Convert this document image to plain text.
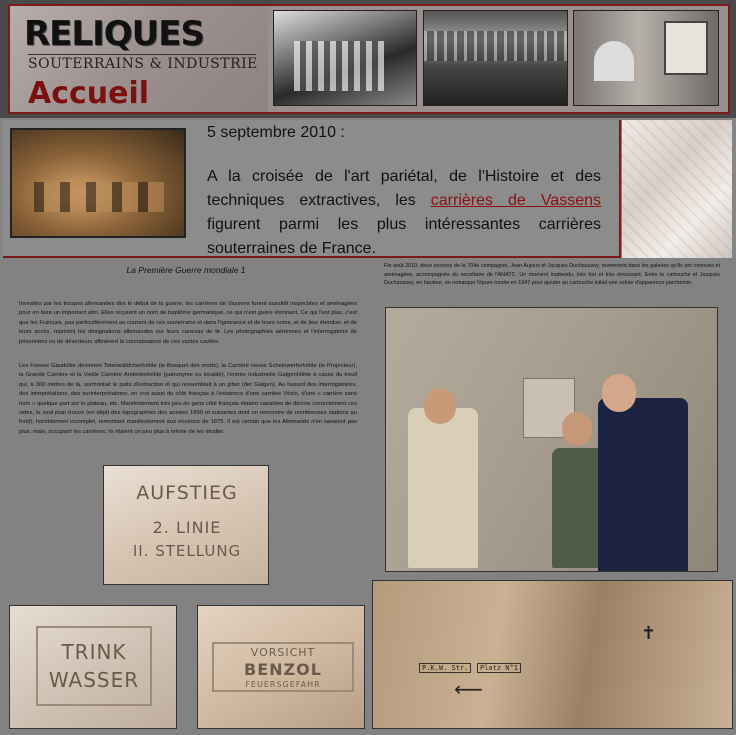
RELIQUES
SOUTERRAINS & INDUSTRIE
Accueil
5 septembre 2010 :
A la croisée de l'art pariétal, de l'Histoire et des techniques extractives, les carrières de Vassens figurent parmi les plus intéressantes carrières souterraines de France.
La Première Guerre mondiale 1
Investies par les troupes allemandes dès le début de la guerre, les carrières de Vassens furent aussitôt inspectées et aménagées pour en faire un important abri. Elles reçurent un nom de baptême germanique, ce qui n'est guère étonnant. Ce qui l'est plus, c'est que les Français, pas particulièrement au courant de ces souterrains et dans l'ignorance et de leurs noms, et de leur étendue, et de leurs accès, reprirent les désignations allemandes sur leurs canevas de tir. Les photographies aériennes et l'interrogatoire de prisonniers ou de déserteurs affinèrent la connaissance de ces vastes cavités.
Les Fosses Gaudriller devinrent Totenwäldchenhöhle (le Bosquet des morts), la Carrière neuve Scheinwerferhöhle (le Projecteur), la Grande Carrière et la Vieille Carrière Andertenhöhle (patronyme ou localité), l'entrée industrielle Galgenhöhle à cause du treuil qui, à 300 mètres de là, surmontait le puits d'extraction et qui ressemblait à un gibet (der Galgen). Au hasard des interrogatoires, des interprétations, des surinterprétations, on crut aussi du côté français à l'existence d'une carrière Vézin, d'une « carrière sans nom » quelque part sur le plateau, etc. Manifestement très peu de gens côté français étaient capables de décrire correctement ces vides, le seul plan trouvé (en dépit des topographies des années 1890 et suivantes dont on rencontre de nombreuses stations au fond), horriblement incomplet, remontant manifestement aux environs de 1875. Il est certain que les Allemands n'en savaient pas plus, mais, occupant les carrières, ils étaient un peu plus à même de les étudier.
Fin août 2010, deux anciens de la 704e compagnie, Jean Aujoux et Jacques Duchaussoy, reviennent dans les galeries qu'ils ont connues et aménagées, accompagnés du secrétaire de l'ANATC. Un moment inattendu, très fort et très émouvant. Entre le cartouche et Jacques Duchaussoy, en hauteur, on remarque l'épure tracée en 1947 pour ajouter au cartouche initial une volute d'apparence parchemin.
AUFSTIEG
2. LINIE
II. STELLUNG
TRINK
WASSER
VORSICHT
BENZOL
FEUERSGEFAHR
P.K.W. Str.	Platz N°1
⟵
✝
